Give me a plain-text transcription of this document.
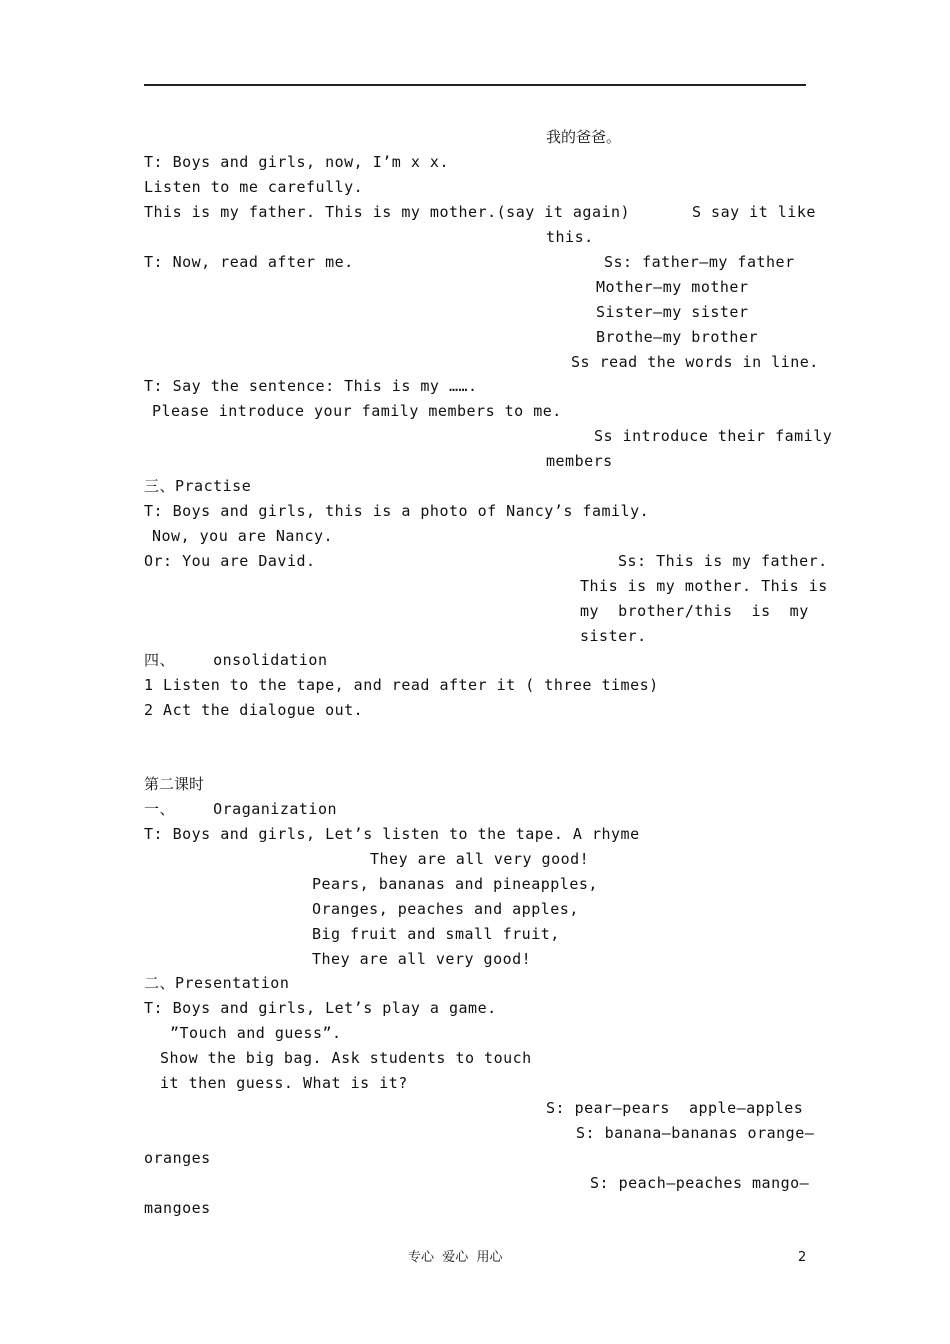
我的爸爸。
T: Boys and girls, now, I’m x x.
Listen to me carefully.
This is my father. This is my mother.(say it again)	S say it like
this.
T: Now, read after me.	Ss: father—my father
Mother—my mother
Sister—my sister
Brothe—my brother
Ss read the words in line.
T: Say the sentence: This is my …….
Please introduce your family members to me.
Ss introduce their family
members
三、Practise
T: Boys and girls, this is a photo of Nancy’s family.
Now, you are Nancy.
Or: You are David.	Ss: This is my father.
This is my mother. This is
my  brother/this  is  my
sister.
四、    onsolidation
1 Listen to the tape, and read after it ( three times)
2 Act the dialogue out.
第二课时
一、    Oraganization
T: Boys and girls, Let’s listen to the tape. A rhyme
They are all very good!
Pears, bananas and pineapples,
Oranges, peaches and apples,
Big fruit and small fruit,
They are all very good!
二、Presentation
T: Boys and girls, Let’s play a game.
”Touch and guess”.
Show the big bag. Ask students to touch
it then guess. What is it?
S: pear—pears  apple—apples
S: banana—bananas orange—
oranges
S: peach—peaches mango—
mangoes
专心  爱心  用心	2
